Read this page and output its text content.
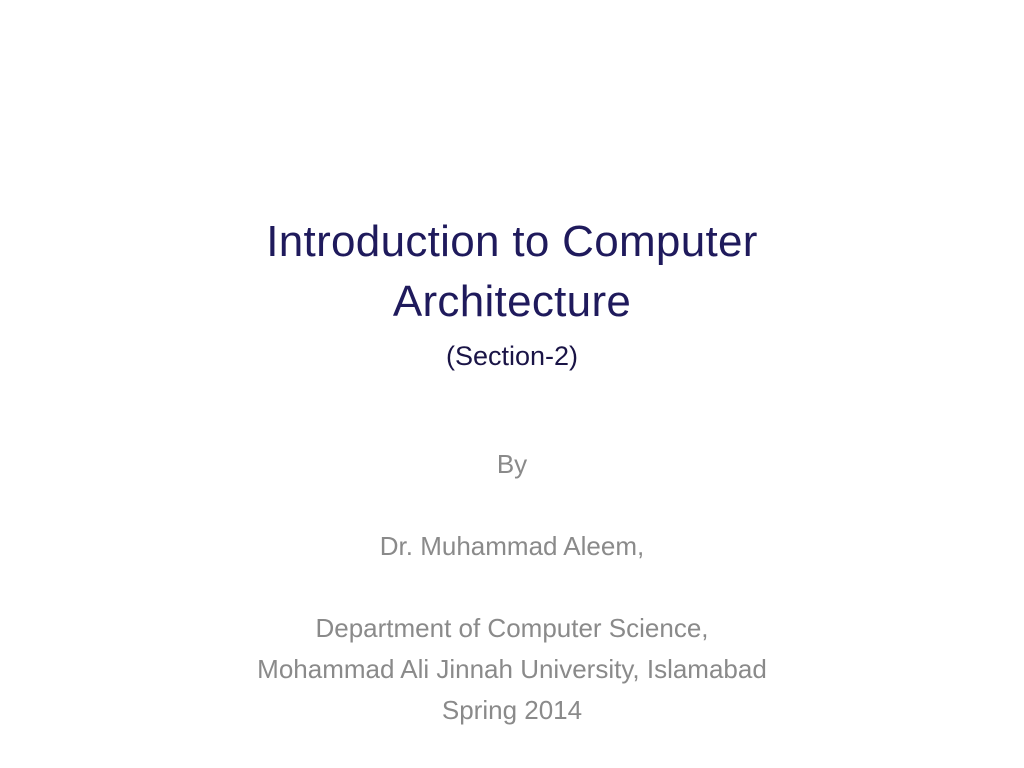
Introduction to Computer
Architecture
(Section-2)
By
Dr. Muhammad Aleem,
Department of Computer Science,
Mohammad Ali Jinnah University, Islamabad
Spring 2014
